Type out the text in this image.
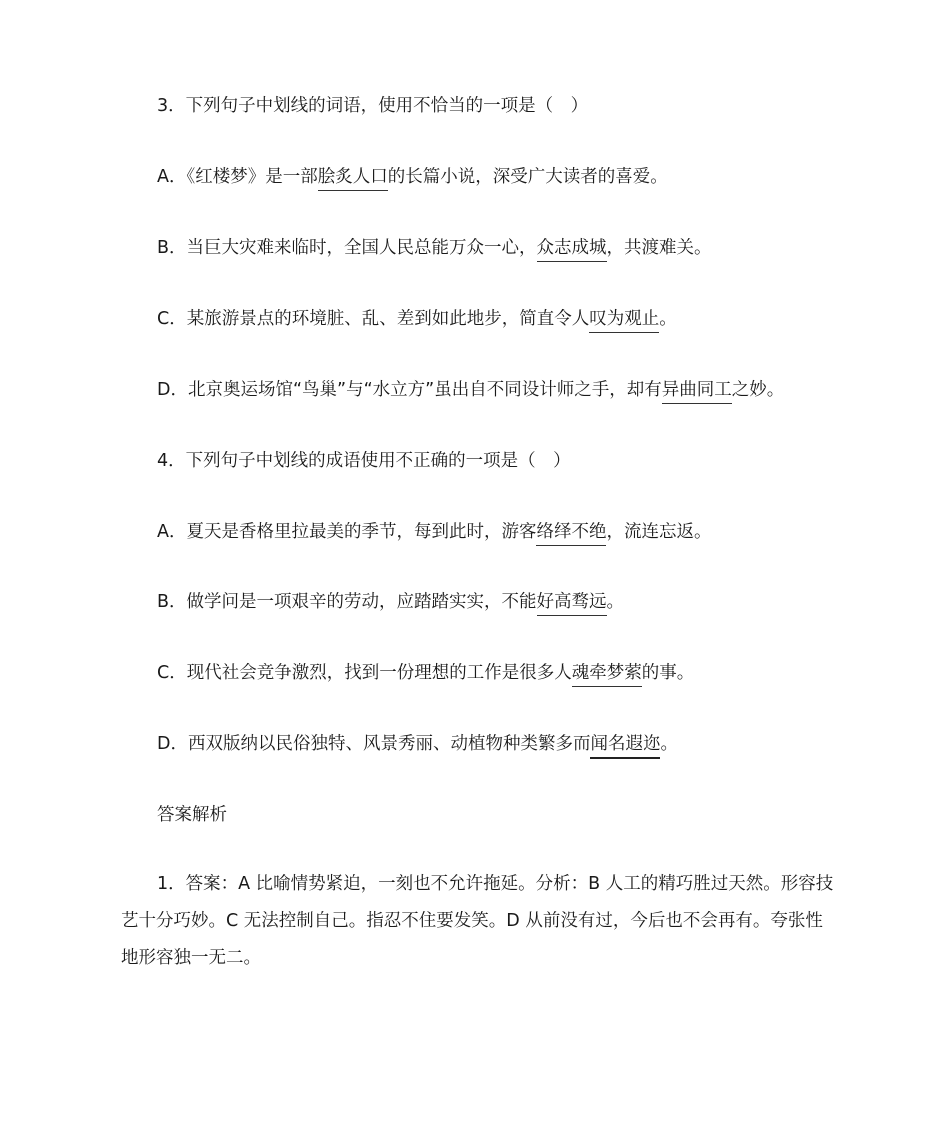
3．下列句子中划线的词语，使用不恰当的一项是（　）
A．《红楼梦》是一部脍炙人口的长篇小说，深受广大读者的喜爱。
B．当巨大灾难来临时，全国人民总能万众一心，众志成城，共渡难关。
C．某旅游景点的环境脏、乱、差到如此地步，简直令人叹为观止。
D．北京奥运场馆“鸟巢”与“水立方”虽出自不同设计师之手，却有异曲同工之妙。
4．下列句子中划线的成语使用不正确的一项是（　）
A．夏天是香格里拉最美的季节，每到此时，游客络绎不绝，流连忘返。
B．做学问是一项艰辛的劳动，应踏踏实实，不能好高骛远。
C．现代社会竞争激烈，找到一份理想的工作是很多人魂牵梦萦的事。
D．西双版纳以民俗独特、风景秀丽、动植物种类繁多而闻名遐迩。
答案解析
1．答案：A 比喻情势紧迫，一刻也不允许拖延。分析：B 人工的精巧胜过天然。形容技艺十分巧妙。C 无法控制自己。指忍不住要发笑。D 从前没有过，今后也不会再有。夸张性地形容独一无二。
